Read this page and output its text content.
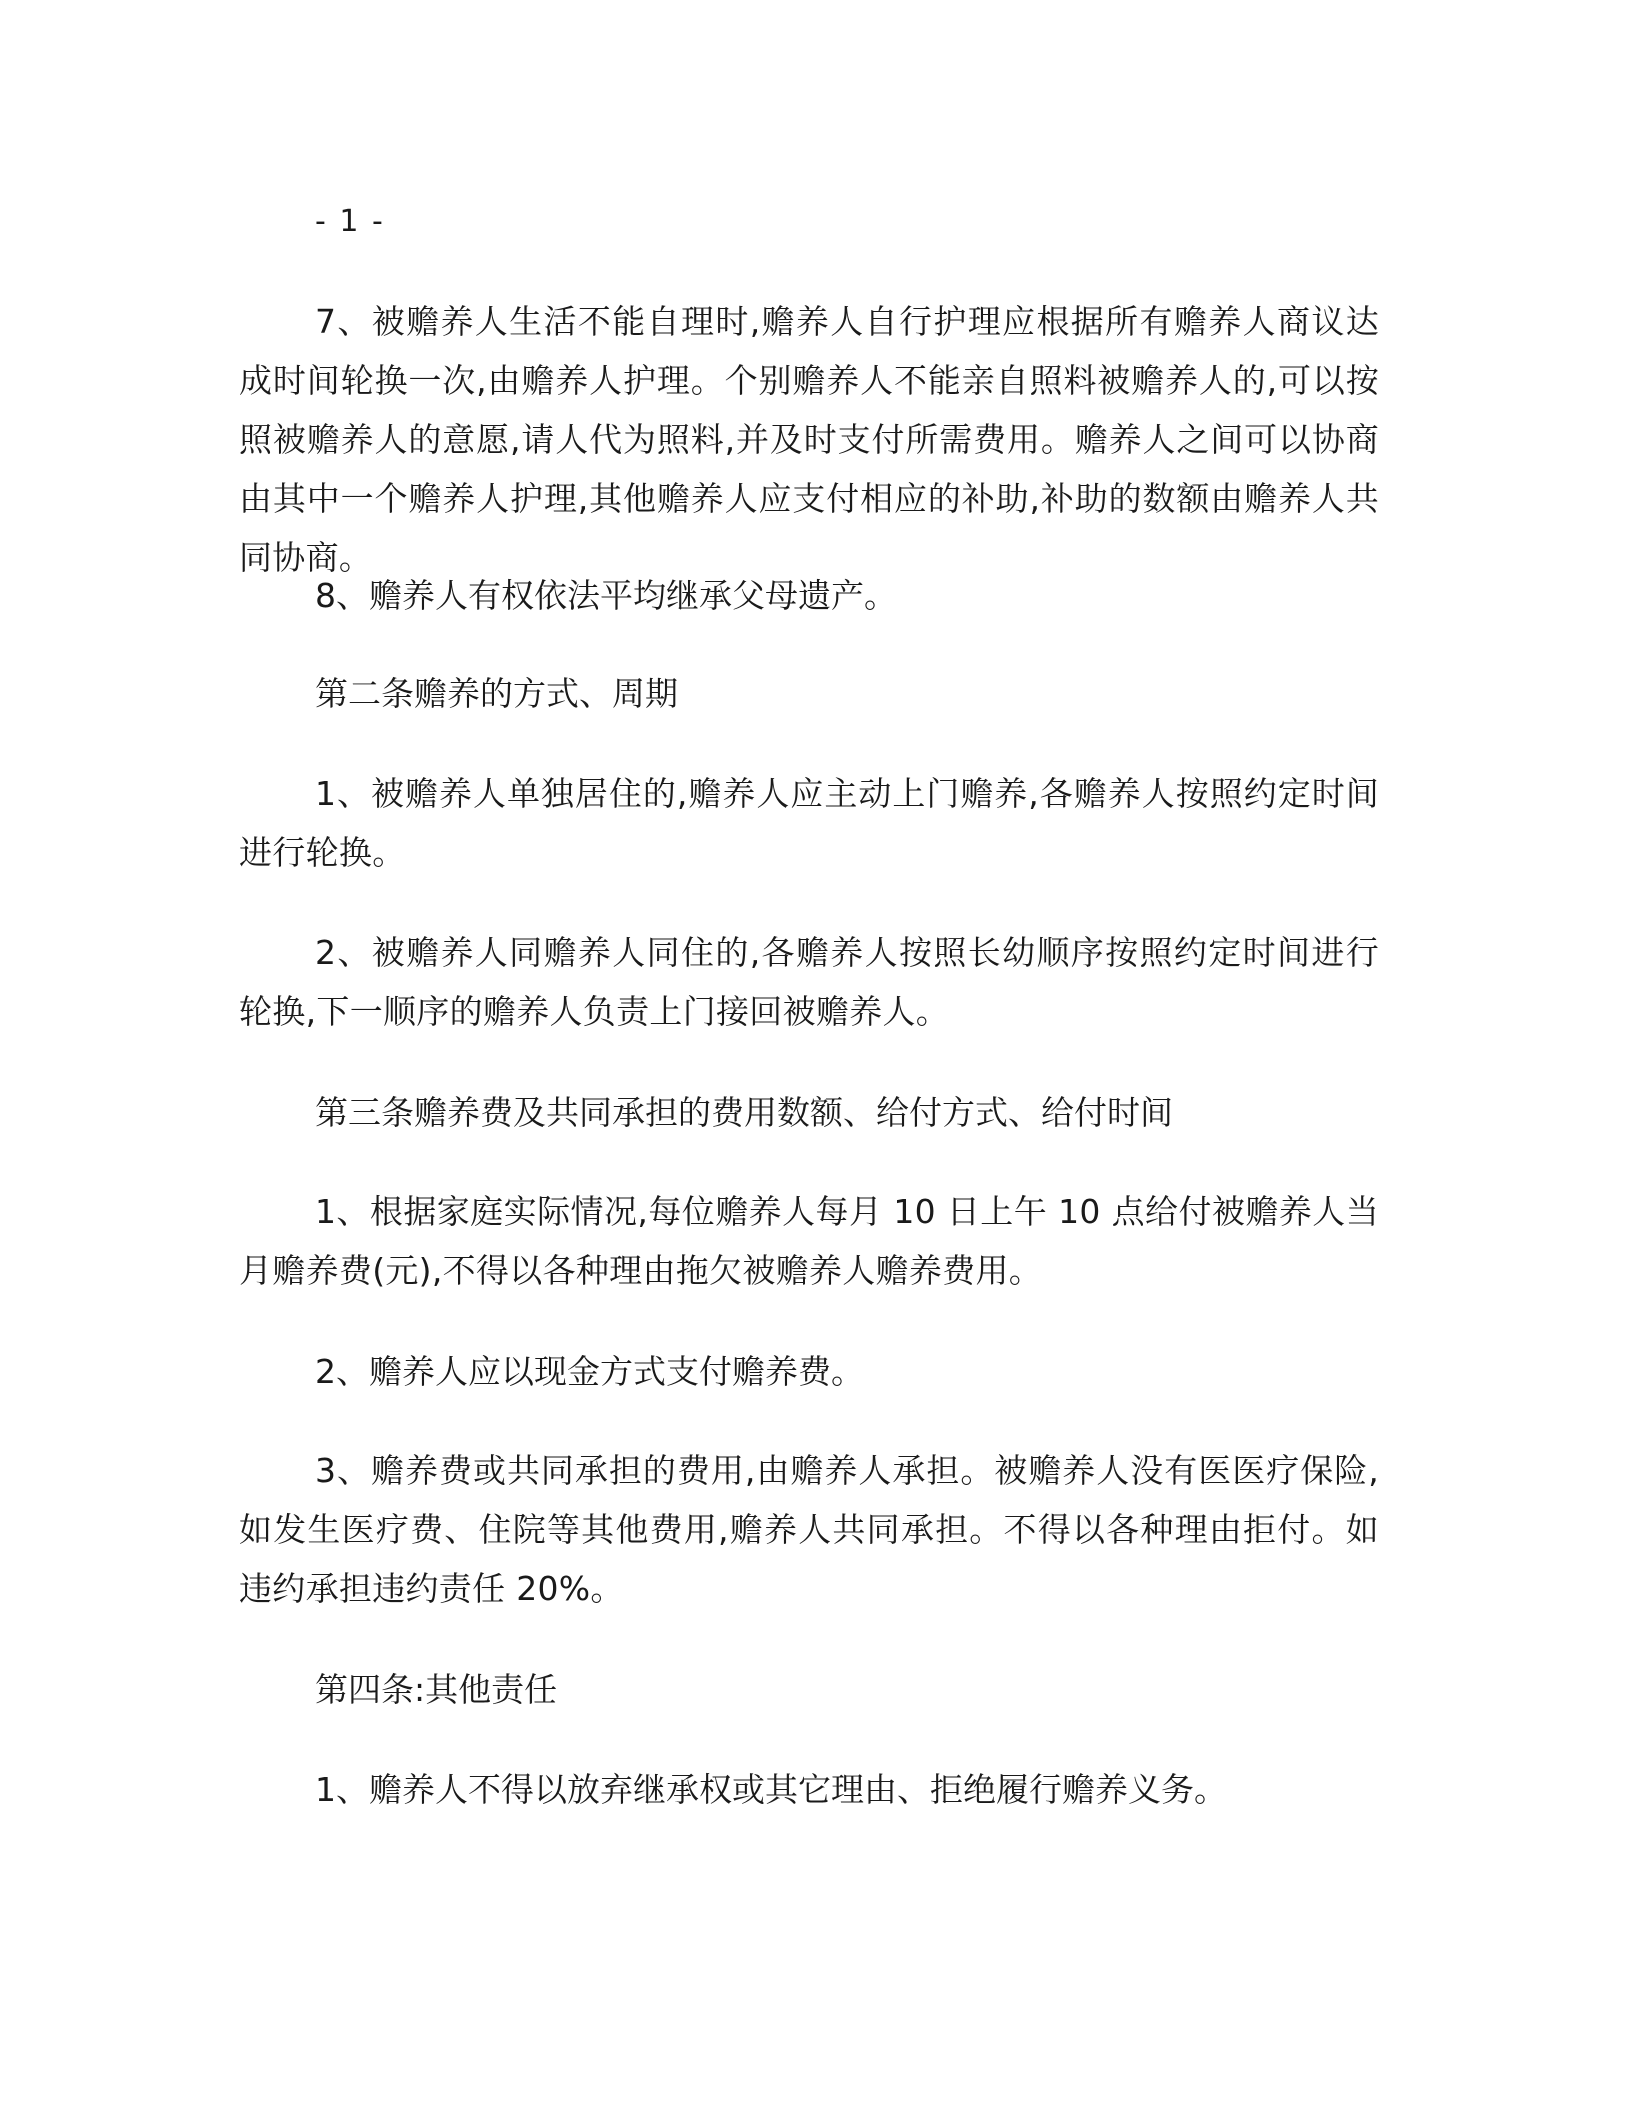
- 1 -
7、被赡养人生活不能自理时,赡养人自行护理应根据所有赡养人商议达成时间轮换一次,由赡养人护理。个别赡养人不能亲自照料被赡养人的,可以按照被赡养人的意愿,请人代为照料,并及时支付所需费用。赡养人之间可以协商由其中一个赡养人护理,其他赡养人应支付相应的补助,补助的数额由赡养人共同协商。
8、赡养人有权依法平均继承父母遗产。
第二条赡养的方式、周期
1、被赡养人单独居住的,赡养人应主动上门赡养,各赡养人按照约定时间进行轮换。
2、被赡养人同赡养人同住的,各赡养人按照长幼顺序按照约定时间进行轮换,下一顺序的赡养人负责上门接回被赡养人。
第三条赡养费及共同承担的费用数额、给付方式、给付时间
1、根据家庭实际情况,每位赡养人每月 10 日上午 10 点给付被赡养人当月赡养费(元),不得以各种理由拖欠被赡养人赡养费用。
2、赡养人应以现金方式支付赡养费。
3、赡养费或共同承担的费用,由赡养人承担。被赡养人没有医医疗保险,如发生医疗费、住院等其他费用,赡养人共同承担。不得以各种理由拒付。如违约承担违约责任 20%。
第四条:其他责任
1、赡养人不得以放弃继承权或其它理由、拒绝履行赡养义务。
